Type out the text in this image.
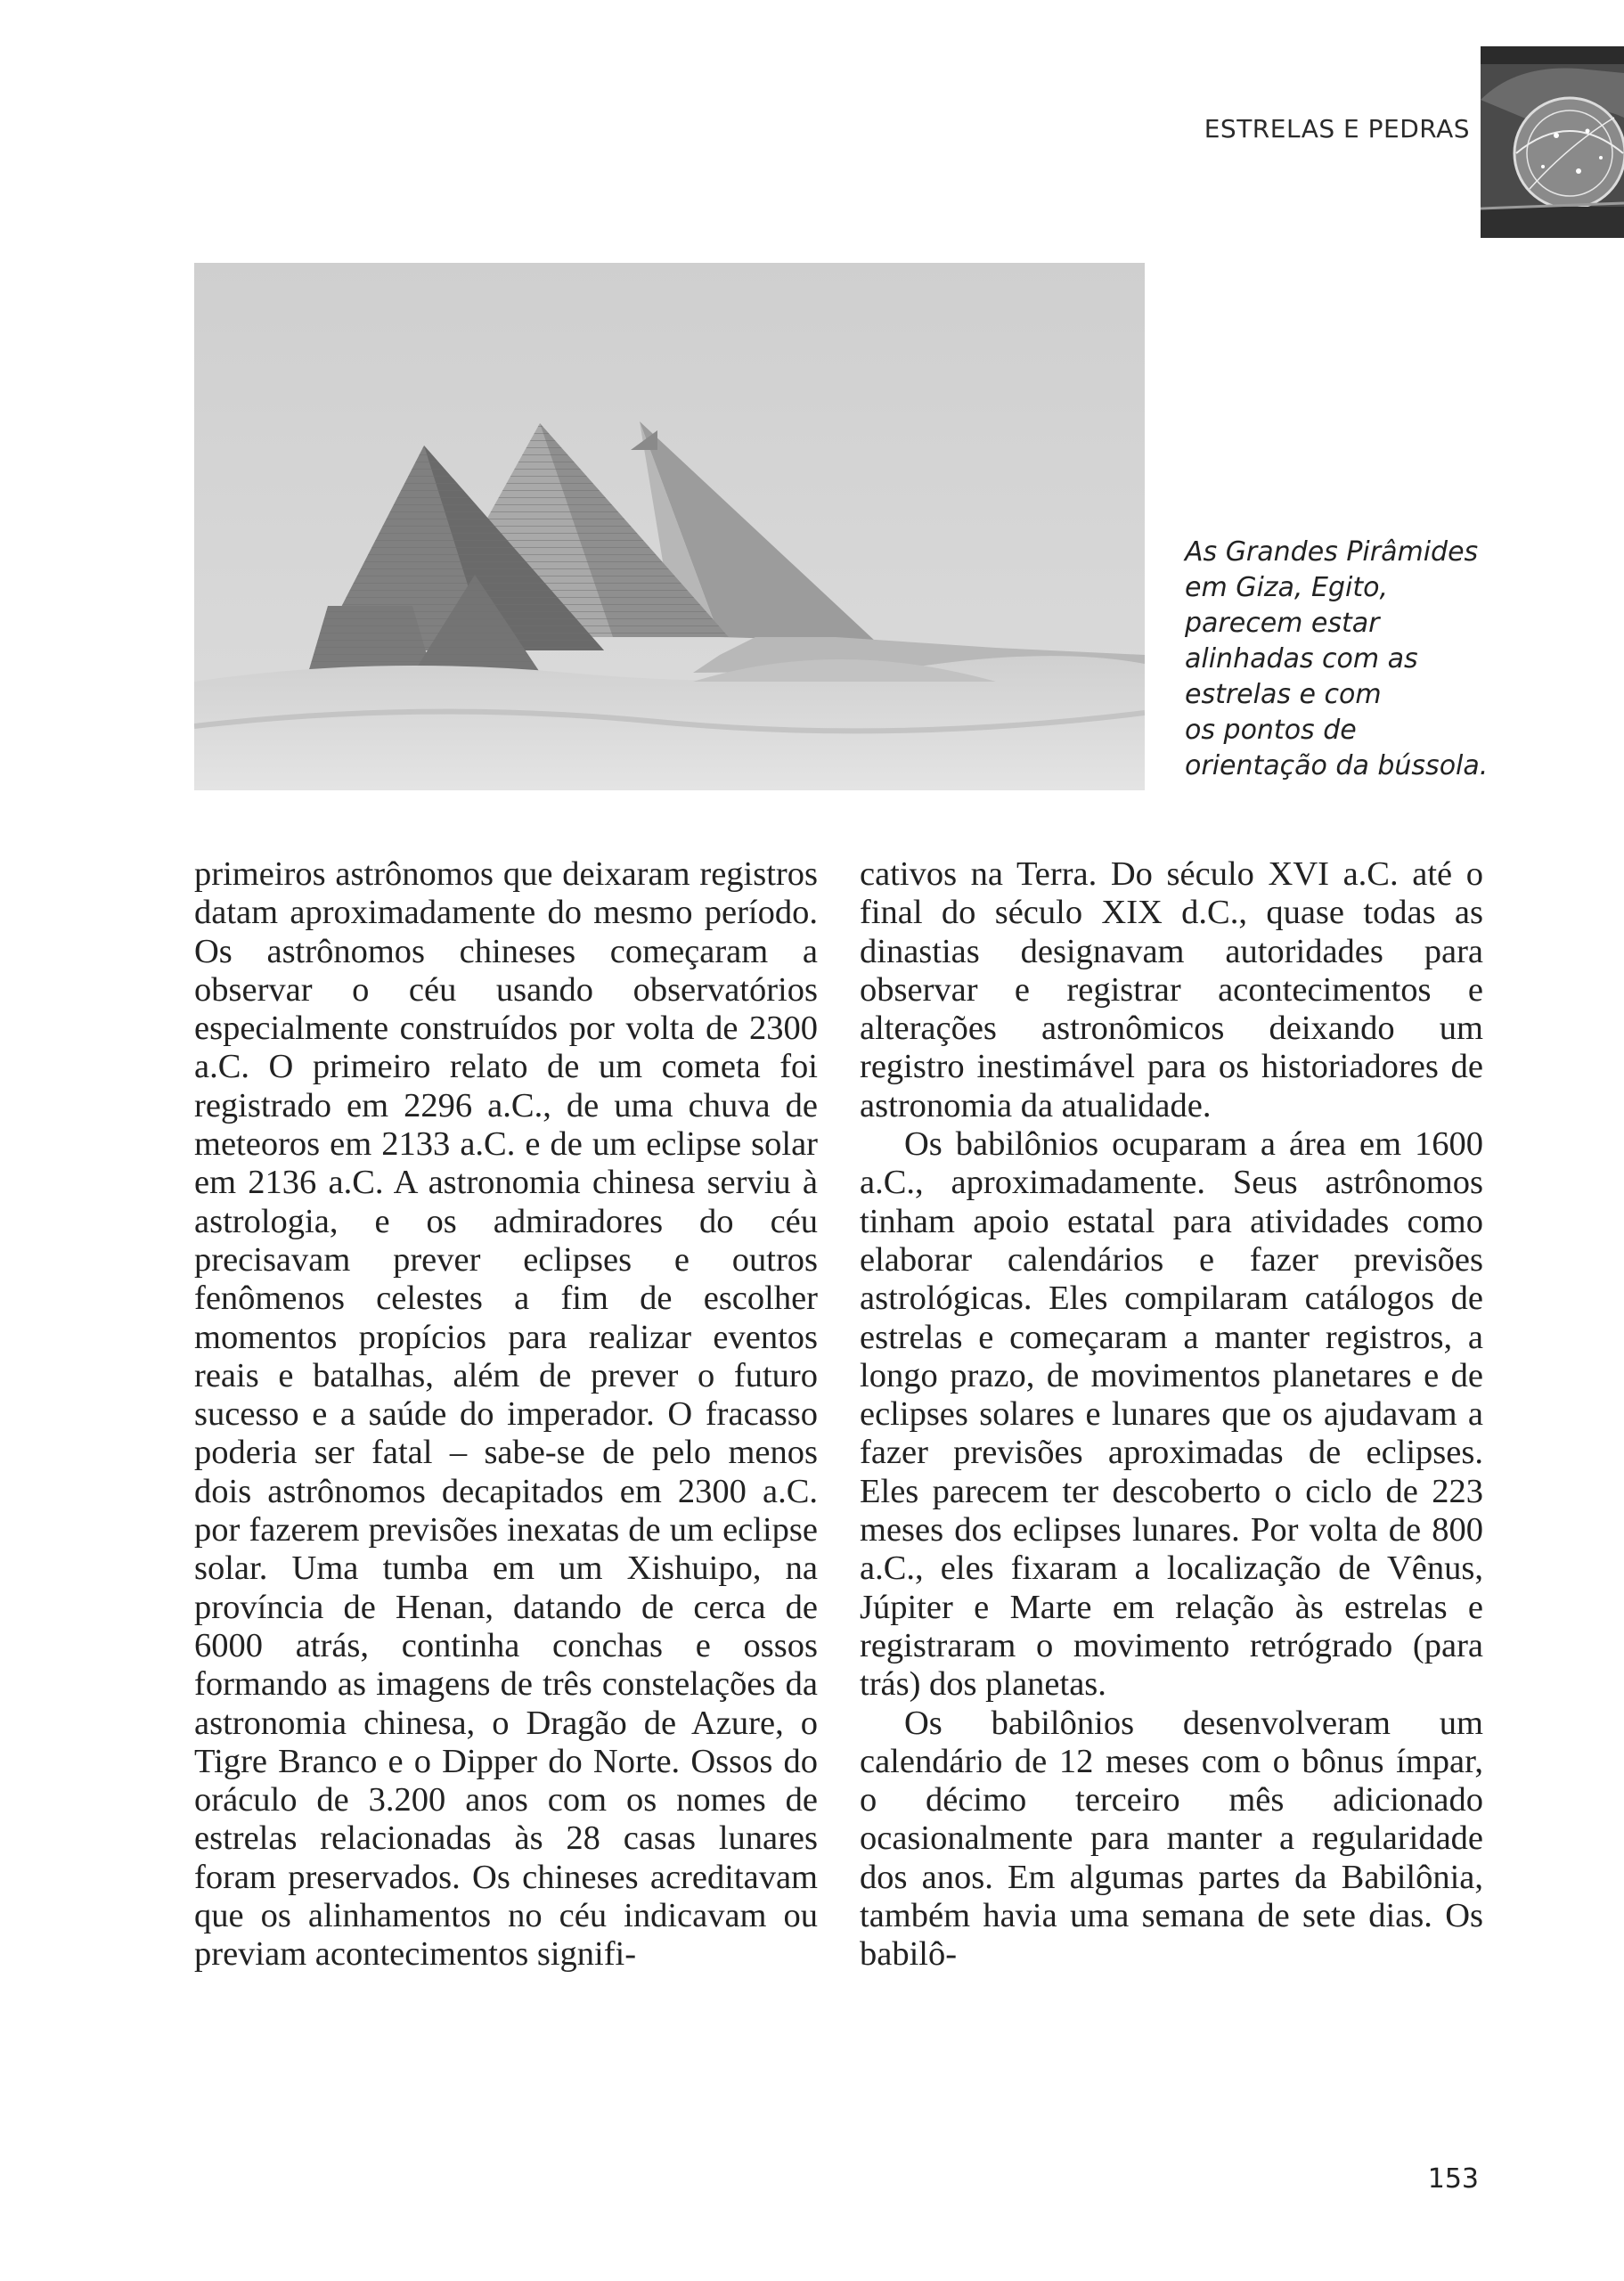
ESTRELAS E PEDRAS
As Grandes Pirâmides
em Giza, Egito,
parecem estar
alinhadas com as
estrelas e com
os pontos de
orientação da bússola.

primeiros astrônomos que deixaram registros datam aproximadamente do mesmo período. Os astrônomos chineses começaram a observar o céu usando observatórios especialmente construídos por volta de 2300 a.C. O primeiro relato de um cometa foi registrado em 2296 a.C., de uma chuva de meteoros em 2133 a.C. e de um eclipse solar em 2136 a.C. A astronomia chinesa serviu à astrologia, e os admiradores do céu precisavam prever eclipses e outros fenômenos celestes a fim de escolher momentos propícios para realizar eventos reais e batalhas, além de prever o futuro sucesso e a saúde do imperador. O fracasso poderia ser fatal – sabe-se de pelo menos dois astrônomos decapitados em 2300 a.C. por fazerem previsões inexatas de um eclipse solar. Uma tumba em um Xishuipo, na província de Henan, datando de cerca de 6000 atrás, continha conchas e ossos formando as imagens de três constelações da astronomia chinesa, o Dragão de Azure, o Tigre Branco e o Dipper do Norte. Ossos do oráculo de 3.200 anos com os nomes de estrelas relacionadas às 28 casas lunares foram preservados. Os chineses acreditavam que os alinhamentos no céu indicavam ou previam acontecimentos signifi-

cativos na Terra. Do século XVI a.C. até o final do século XIX d.C., quase todas as dinastias designavam autoridades para observar e registrar acontecimentos e alterações astronômicos deixando um registro inestimável para os historiadores de astronomia da atualidade.

Os babilônios ocuparam a área em 1600 a.C., aproximadamente. Seus astrônomos tinham apoio estatal para atividades como elaborar calendários e fazer previsões astrológicas. Eles compilaram catálogos de estrelas e começaram a manter registros, a longo prazo, de movimentos planetares e de eclipses solares e lunares que os ajudavam a fazer previsões aproximadas de eclipses. Eles parecem ter descoberto o ciclo de 223 meses dos eclipses lunares. Por volta de 800 a.C., eles fixaram a localização de Vênus, Júpiter e Marte em relação às estrelas e registraram o movimento retrógrado (para trás) dos planetas.

Os babilônios desenvolveram um calendário de 12 meses com o bônus ímpar, o décimo terceiro mês adicionado ocasionalmente para manter a regularidade dos anos. Em algumas partes da Babilônia, também havia uma semana de sete dias. Os babilô-

153
